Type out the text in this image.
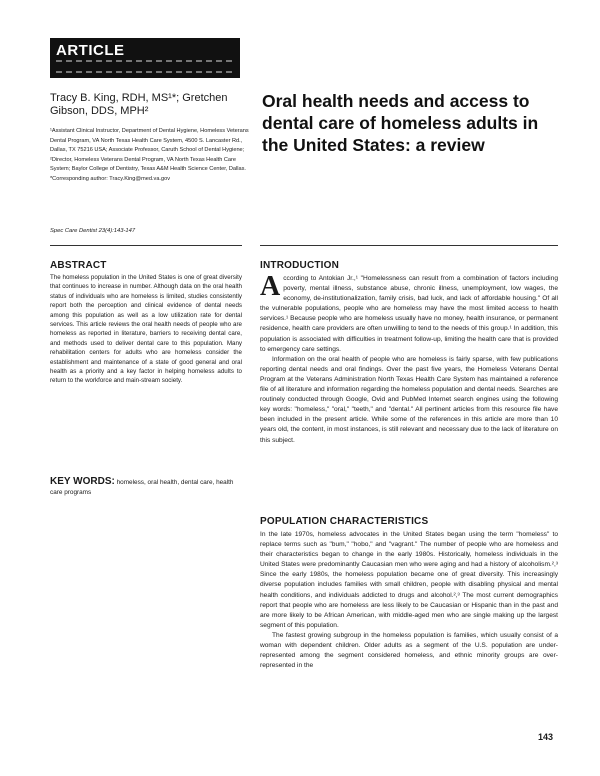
ARTICLE
Tracy B. King, RDH, MS¹*; Gretchen Gibson, DDS, MPH²
¹Assistant Clinical Instructor, Department of Dental Hygiene, Homeless Veterans Dental Program, VA North Texas Health Care System, 4500 S. Lancaster Rd., Dallas, TX 75216 USA; Associate Professor, Caruth School of Dental Hygiene; ²Director, Homeless Veterans Dental Program, VA North Texas Health Care System; Baylor College of Dentistry, Texas A&M Health Science Center, Dallas. *Corresponding author: Tracy.King@med.va.gov
Spec Care Dentist 23(4):143-147
Oral health needs and access to dental care of homeless adults in the United States: a review
ABSTRACT
The homeless population in the United States is one of great diversity that continues to increase in number. Although data on the oral health status of individuals who are homeless is limited, studies consistently report both the perception and clinical evidence of dental needs among this population as well as a low utilization rate for dental services. This article reviews the oral health needs of people who are homeless as reported in literature, barriers to receiving dental care, and methods used to deliver dental care to this population. Many rehabilitation centers for adults who are homeless consider the establishment and maintenance of a state of good general and oral health as a priority and a key factor in helping homeless adults to return to the workforce and main-stream society.
KEY WORDS: homeless, oral health, dental care, health care programs
INTRODUCTION
A ccording to Antokian Jr.,¹ "Homelessness can result from a combination of factors including poverty, mental illness, substance abuse, chronic illness, unemployment, low wages, the economy, de-institutionalization, family crisis, bad luck, and lack of affordable housing." Of all the vulnerable populations, people who are homeless may have the most limited access to health services.¹ Because people who are homeless usually have no money, health insurance, or permanent residence, health care providers are often unwilling to tend to the needs of this group.¹ In addition, this population is associated with difficulties in treatment follow-up, limiting the health care that is provided to emergency care settings.
Information on the oral health of people who are homeless is fairly sparse, with few publications reporting dental needs and oral findings. Over the past five years, the Homeless Veterans Dental Program at the Veterans Administration North Texas Health Care System has maintained a reference file of all literature and information regarding the homeless population and dental needs. Searches are routinely conducted through Google, Ovid and PubMed Internet search engines using the following key words: "homeless," "oral," "teeth," and "dental." All pertinent articles from this resource file have been included in the present article. While some of the references in this article are more than 10 years old, the content, in most instances, is still relevant and necessary due to the lack of literature on this subject.
POPULATION CHARACTERISTICS
In the late 1970s, homeless advocates in the United States began using the term "homeless" to replace terms such as "bum," "hobo," and "vagrant." The number of people who are homeless and their characteristics began to change in the early 1980s. Historically, homeless individuals in the United States were predominantly Caucasian men who were aging and had a history of alcoholism.²,³ Since the early 1980s, the homeless population became one of great diversity. This increasingly diverse population includes families with small children, people with disabling physical and mental health conditions, and individuals addicted to drugs and alcohol.²,³ The most current demographics report that people who are homeless are less likely to be Caucasian or Hispanic than in the past and are more likely to be African American, with middle-aged men who are single making up the largest segment of this population.
The fastest growing subgroup in the homeless population is families, which usually consist of a woman with dependent children. Older adults as a segment of the U.S. population are under-represented among the segment considered homeless, and ethnic minority groups are over-represented in the
143
